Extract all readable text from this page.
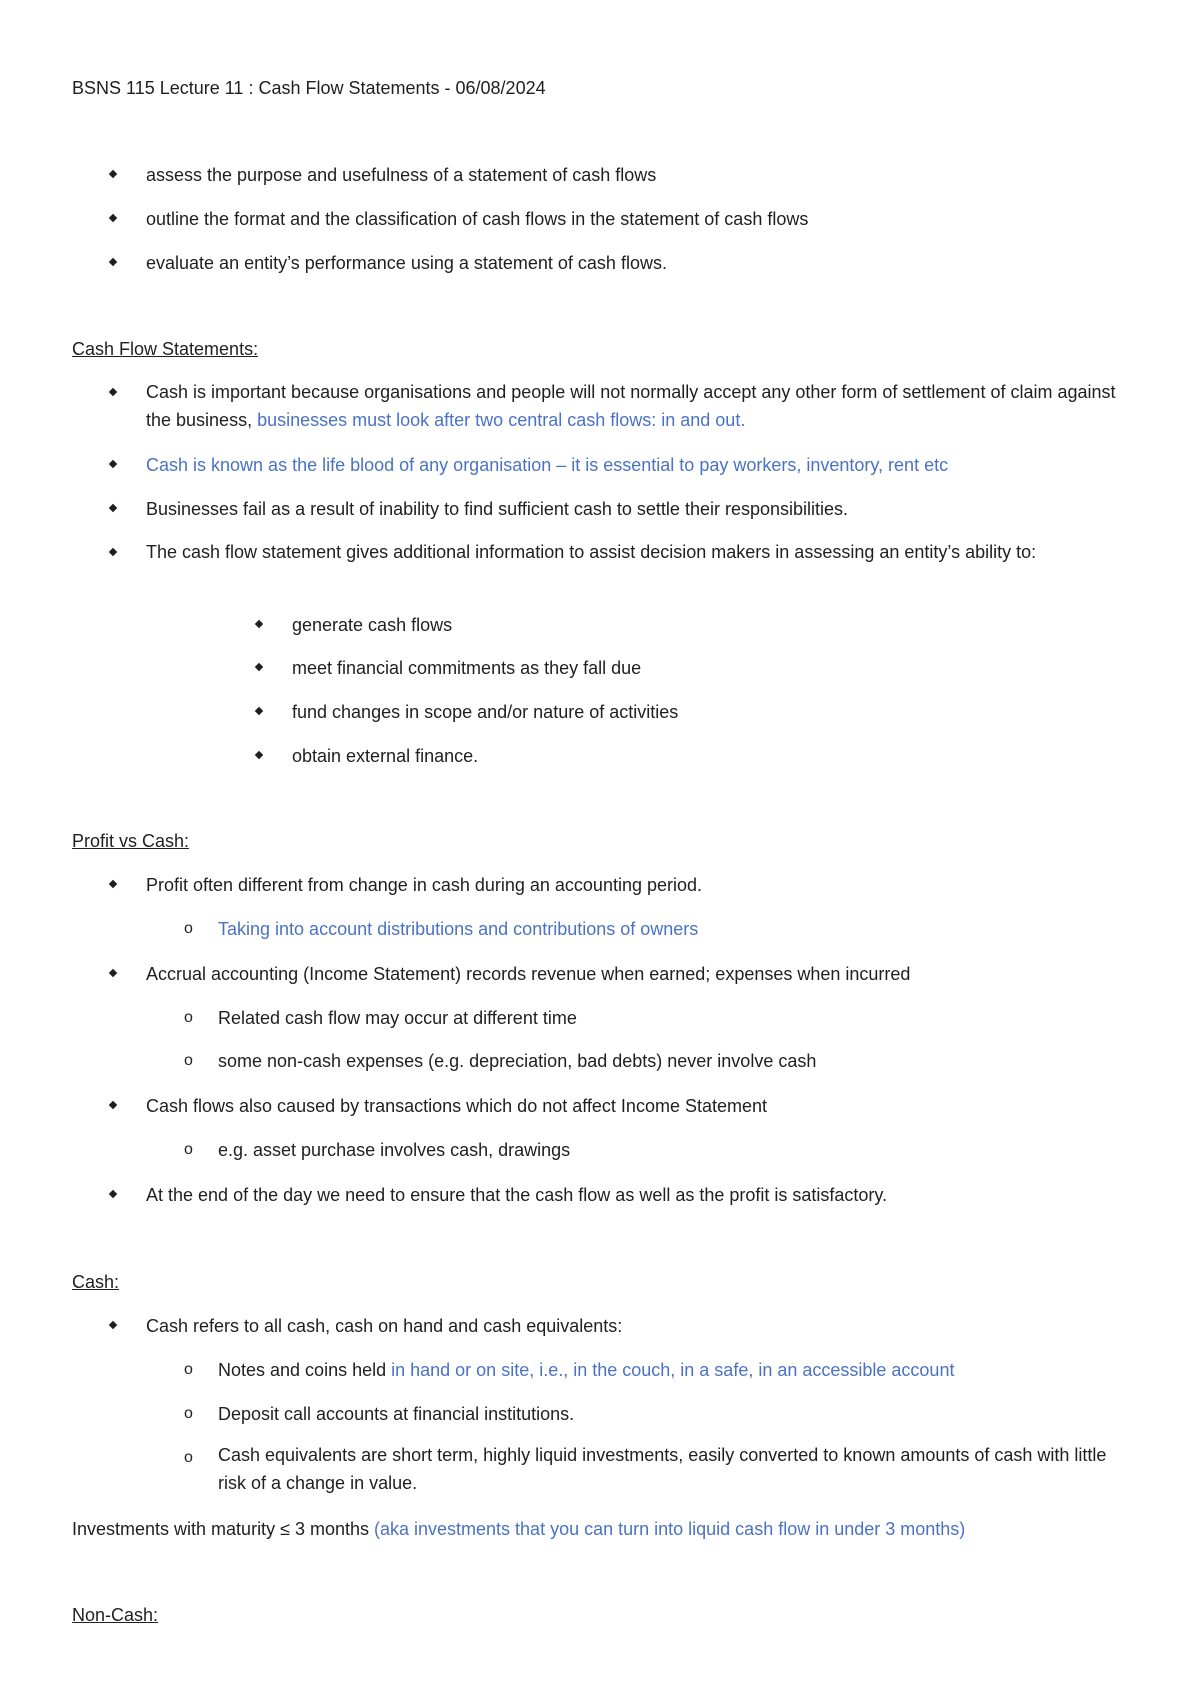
BSNS 115 Lecture 11 : Cash Flow Statements - 06/08/2024
assess the purpose and usefulness of a statement of cash flows
outline the format and the classification of cash flows in the statement of cash flows
evaluate an entity’s performance using a statement of cash flows.
Cash Flow Statements:
Cash is important because organisations and people will not normally accept any other form of settlement of claim against the business, businesses must look after two central cash flows: in and out.
Cash is known as the life blood of any organisation – it is essential to pay workers, inventory, rent etc
Businesses fail as a result of inability to find sufficient cash to settle their responsibilities.
The cash flow statement gives additional information to assist decision makers in assessing an entity’s ability to:
generate cash flows
meet financial commitments as they fall due
fund changes in scope and/or nature of activities
obtain external finance.
Profit vs Cash:
Profit often different from change in cash during an accounting period.
o Taking into account distributions and contributions of owners
Accrual accounting (Income Statement) records revenue when earned; expenses when incurred
o Related cash flow may occur at different time
o some non-cash expenses (e.g. depreciation, bad debts) never involve cash
Cash flows also caused by transactions which do not affect Income Statement
o e.g. asset purchase involves cash, drawings
At the end of the day we need to ensure that the cash flow as well as the profit is satisfactory.
Cash:
Cash refers to all cash, cash on hand and cash equivalents:
o Notes and coins held in hand or on site, i.e., in the couch, in a safe, in an accessible account
o Deposit call accounts at financial institutions.
o Cash equivalents are short term, highly liquid investments, easily converted to known amounts of cash with little risk of a change in value.
Investments with maturity ≤ 3 months (aka investments that you can turn into liquid cash flow in under 3 months)
Non-Cash:
